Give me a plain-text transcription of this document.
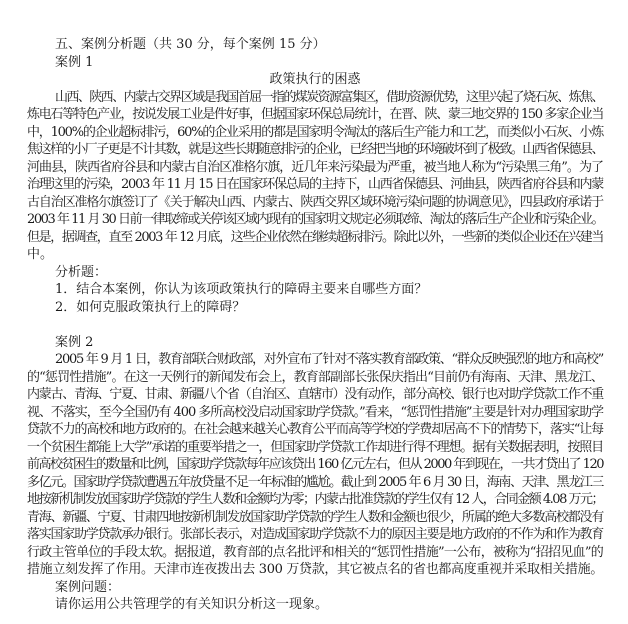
五、案例分析题（共 30 分，每个案例 15 分）
案例 1
政策执行的困惑
山西、陕西、内蒙古交界区域是我国首屈一指的煤炭资源富集区，借助资源优势，这里兴起了烧石灰、炼焦、
炼电石等特色产业，按说发展工业是件好事，但据国家环保总局统计，在晋、陕、蒙三地交界的 150 多家企业当
中，100%的企业超标排污，60%的企业采用的都是国家明令淘汰的落后生产能力和工艺，而类似小石灰、小炼
焦这样的小厂子更是不计其数，就是这些长期随意排污的企业，已经把当地的环境破坏到了极致。山西省保德县、
河曲县，陕西省府谷县和内蒙古自治区准格尔旗，近几年来污染最为严重，被当地人称为“污染黑三角”。为了
治理这里的污染，2003 年 11 月 15 日在国家环保总局的主持下，山西省保德县、河曲县，陕西省府谷县和内蒙
古自治区准格尔旗签订了《关于解决山西、内蒙古、陕西交界区域环境污染问题的协调意见》，四县政府承诺于
2003 年 11 月 30 日前一律取缔或关停该区域内现有的国家明文规定必须取缔、淘汰的落后生产企业和污染企业。
但是，据调查，直至 2003 年 12 月底，这些企业依然在继续超标排污。除此以外，一些新的类似企业还在兴建当
中。
分析题：
1．结合本案例，你认为该项政策执行的障碍主要来自哪些方面？
2．如何克服政策执行上的障碍？
案例 2
2005 年 9 月 1 日，教育部联合财政部，对外宣布了针对不落实教育部政策、“群众反映强烈的地方和高校”
的“惩罚性措施”。在这一天例行的新闻发布会上，教育部副部长张保庆指出“目前仍有海南、天津、黑龙江、
内蒙古、青海、宁夏、甘肃、新疆八个省（自治区、直辖市）没有动作，部分高校、银行也对助学贷款工作不重
视、不落实，至今全国仍有 400 多所高校没启动国家助学贷款。”看来，“惩罚性措施”主要是针对办理国家助学
贷款不力的高校和地方政府的。在社会越来越关心教育公平而高等学校的学费却居高不下的情势下，落实“让每
一个贫困生都能上大学”承诺的重要举措之一，但国家助学贷款工作却进行得不理想。据有关数据表明，按照目
前高校贫困生的数量和比例，国家助学贷款每年应该贷出 160 亿元左右，但从 2000 年到现在，一共才贷出了 120
多亿元。国家助学贷款遭遇五年放贷量不足一年标准的尴尬。截止到 2005 年 6 月 30 日，海南、天津、黑龙江三
地按新机制发放国家助学贷款的学生人数和金额均为零；内蒙古批准贷款的学生仅有 12 人，合同金额 4.08 万元；
青海、新疆、宁夏、甘肃四地按新机制发放国家助学贷款的学生人数和金额也很少，所属的绝大多数高校都没有
落实国家助学贷款承办银行。张部长表示，对造成国家助学贷款不力的原因主要是地方政府的不作为和作为教育
行政主管单位的手段太软。据报道，教育部的点名批评和相关的“惩罚性措施”一公布，被称为“招招见血”的
措施立刻发挥了作用。天津市连夜拨出去 300 万贷款，其它被点名的省也都高度重视并采取相关措施。
案例问题：
请你运用公共管理学的有关知识分析这一现象。
